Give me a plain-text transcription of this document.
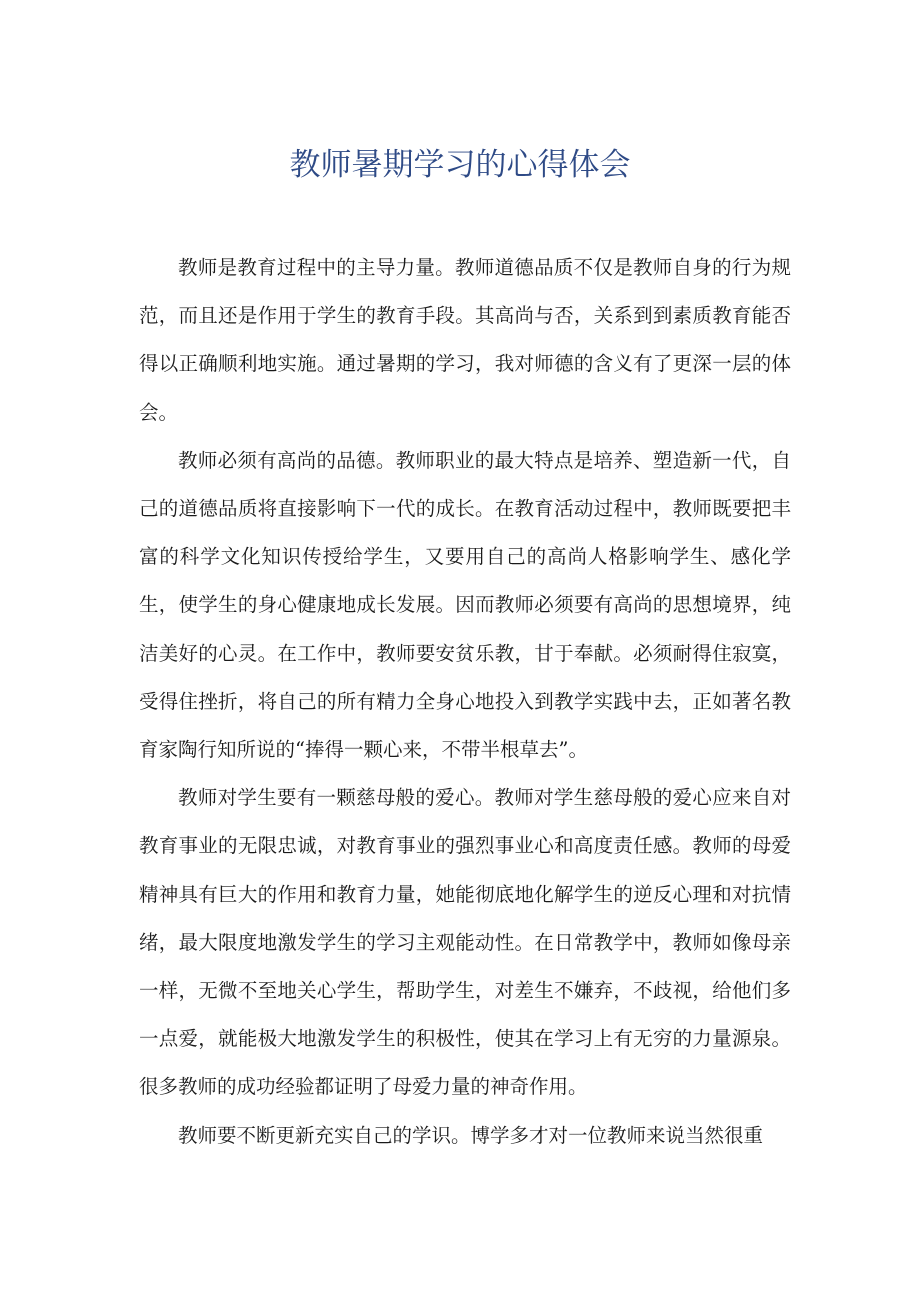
教师暑期学习的心得体会

教师是教育过程中的主导力量。教师道德品质不仅是教师自身的行为规范，而且还是作用于学生的教育手段。其高尚与否，关系到到素质教育能否得以正确顺利地实施。通过暑期的学习，我对师德的含义有了更深一层的体会。

教师必须有高尚的品德。教师职业的最大特点是培养、塑造新一代，自己的道德品质将直接影响下一代的成长。在教育活动过程中，教师既要把丰富的科学文化知识传授给学生，又要用自己的高尚人格影响学生、感化学生，使学生的身心健康地成长发展。因而教师必须要有高尚的思想境界，纯洁美好的心灵。在工作中，教师要安贫乐教，甘于奉献。必须耐得住寂寞，受得住挫折，将自己的所有精力全身心地投入到教学实践中去，正如著名教育家陶行知所说的“捧得一颗心来，不带半根草去”。

教师对学生要有一颗慈母般的爱心。教师对学生慈母般的爱心应来自对教育事业的无限忠诚，对教育事业的强烈事业心和高度责任感。教师的母爱精神具有巨大的作用和教育力量，她能彻底地化解学生的逆反心理和对抗情绪，最大限度地激发学生的学习主观能动性。在日常教学中，教师如像母亲一样，无微不至地关心学生，帮助学生，对差生不嫌弃，不歧视，给他们多一点爱，就能极大地激发学生的积极性，使其在学习上有无穷的力量源泉。很多教师的成功经验都证明了母爱力量的神奇作用。

教师要不断更新充实自己的学识。博学多才对一位教师来说当然很重
